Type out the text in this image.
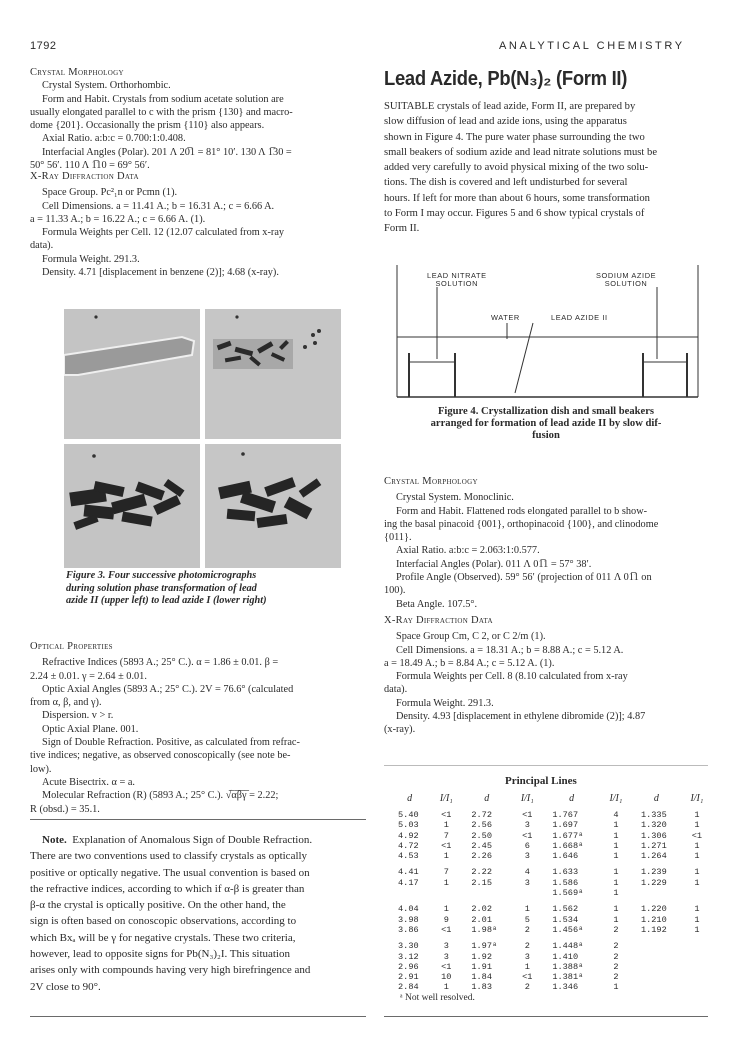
1792	ANALYTICAL CHEMISTRY
Crystal Morphology
Crystal System. Orthorhombic.
Form and Habit. Crystals from sodium acetate solution are
usually elongated parallel to c with the prism {130} and macro-
dome {201}. Occasionally the prism {110} also appears.
Axial Ratio. a:b:c = 0.700:1:0.408.
Interfacial Angles (Polar). 201 Λ 20̅1 = 81° 10′. 130 Λ 1̅30 =
50° 56′. 110 Λ 1̅10 = 69° 56′.
X-Ray Diffraction Data
Space Group. Pc²₁n or Pcmn (1).
Cell Dimensions. a = 11.41 A.; b = 16.31 A.; c = 6.66 A.
a = 11.33 A.; b = 16.22 A.; c = 6.66 A. (1).
Formula Weights per Cell. 12 (12.07 calculated from x-ray
data).
Formula Weight. 291.3.
Density. 4.71 [displacement in benzene (2)]; 4.68 (x-ray).
Figure 3. Four successive photomicrographs
during solution phase transformation of lead
azide II (upper left) to lead azide I (lower right)
Optical Properties
Refractive Indices (5893 A.; 25° C.). α = 1.86 ± 0.01. β =
2.24 ± 0.01. γ = 2.64 ± 0.01.
Optic Axial Angles (5893 A.; 25° C.). 2V = 76.6° (calculated
from α, β, and γ).
Dispersion. v > r.
Optic Axial Plane. 001.
Sign of Double Refraction. Positive, as calculated from refrac-
tive indices; negative, as observed conoscopically (see note be-
low).
Acute Bisectrix. α = a.
Molecular Refraction (R) (5893 A.; 25° C.). √̅α̅β̅γ̅ = 2.22;
R (obsd.) = 35.1.
Note. Explanation of Anomalous Sign of Double Refraction.
There are two conventions used to classify crystals as optically
positive or optically negative. The usual convention is based on
the refractive indices, according to which if α-β is greater than
β-α the crystal is optically positive. On the other hand, the
sign is often based on conoscopic observations, according to
which Bxₐ will be γ for negative crystals. These two criteria,
however, lead to opposite signs for Pb(N₃)₂I. This situation
arises only with compounds having very high birefringence and
2V close to 90°.
Lead Azide, Pb(N₃)₂ (Form II)
SUITABLE crystals of lead azide, Form II, are prepared by
slow diffusion of lead and azide ions, using the apparatus
shown in Figure 4. The pure water phase surrounding the two
small beakers of sodium azide and lead nitrate solutions must be
added very carefully to avoid physical mixing of the two solu-
tions. The dish is covered and left undisturbed for several
hours. If left for more than about 6 hours, some transformation
to Form I may occur. Figures 5 and 6 show typical crystals of
Form II.
LEAD NITRATE
SOLUTION
SODIUM AZIDE
SOLUTION
WATER	LEAD AZIDE II
Figure 4. Crystallization dish and small beakers
arranged for formation of lead azide II by slow dif-
fusion
Crystal Morphology
Crystal System. Monoclinic.
Form and Habit. Flattened rods elongated parallel to b show-
ing the basal pinacoid {001}, orthopinacoid {100}, and clinodome
{011}.
Axial Ratio. a:b:c = 2.063:1:0.577.
Interfacial Angles (Polar). 011 Λ 01̅1 = 57° 38′.
Profile Angle (Observed). 59° 56′ (projection of 011 Λ 01̅1 on
100).
Beta Angle. 107.5°.
X-Ray Diffraction Data
Space Group Cm, C 2, or C 2/m (1).
Cell Dimensions. a = 18.31 A.; b = 8.88 A.; c = 5.12 A.
a = 18.49 A.; b = 8.84 A.; c = 5.12 A. (1).
Formula Weights per Cell. 8 (8.10 calculated from x-ray
data).
Formula Weight. 291.3.
Density. 4.93 [displacement in ethylene dibromide (2)]; 4.87
(x-ray).
Principal Lines
d	I/I₁	d	I/I₁	d	I/I₁	d	I/I₁
5.40	<1	2.72	<1	1.767	4	1.335	1
5.03	1	2.56	3	1.697	1	1.320	1
4.92	7	2.50	<1	1.677ᵃ	1	1.306	<1
4.72	<1	2.45	6	1.668ᵃ	1	1.271	1
4.53	1	2.26	3	1.646	1	1.264	1

4.41	7	2.22	4	1.633	1	1.239	1
4.17	1	2.15	3	1.586	1	1.229	1
				1.569ᵃ	1		

4.04	1	2.02	1	1.562	1	1.220	1
3.98	9	2.01	5	1.534	1	1.210	1
3.86	<1	1.98ᵃ	2	1.456ᵃ	2	1.192	1

3.30	3	1.97ᵃ	2	1.448ᵃ	2		
3.12	3	1.92	3	1.410	2		
2.96	<1	1.91	1	1.388ᵃ	2		
2.91	10	1.84	<1	1.381ᵃ	2		
2.84	1	1.83	2	1.346	1		
ᵃ Not well resolved.
